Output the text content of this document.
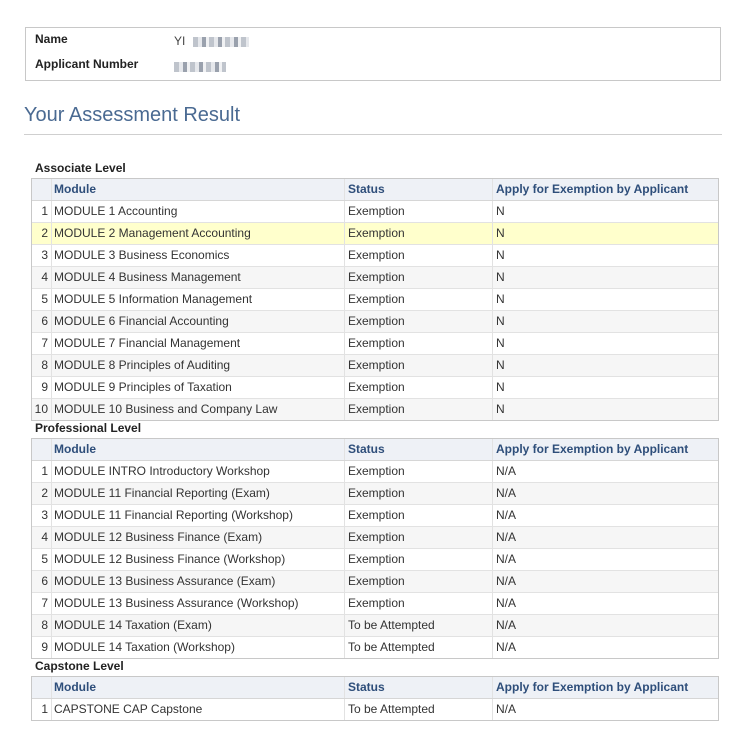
Name	YI
Applicant Number
Your Assessment Result
Associate Level
Module	Status	Apply for Exemption by Applicant
1 MODULE 1 Accounting	Exemption	N
2 MODULE 2 Management Accounting	Exemption	N
3 MODULE 3 Business Economics	Exemption	N
4 MODULE 4 Business Management	Exemption	N
5 MODULE 5 Information Management	Exemption	N
6 MODULE 6 Financial Accounting	Exemption	N
7 MODULE 7 Financial Management	Exemption	N
8 MODULE 8 Principles of Auditing	Exemption	N
9 MODULE 9 Principles of Taxation	Exemption	N
10 MODULE 10 Business and Company Law	Exemption	N
Professional Level
Module	Status	Apply for Exemption by Applicant
1 MODULE INTRO Introductory Workshop	Exemption	N/A
2 MODULE 11 Financial Reporting (Exam)	Exemption	N/A
3 MODULE 11 Financial Reporting (Workshop)	Exemption	N/A
4 MODULE 12 Business Finance (Exam)	Exemption	N/A
5 MODULE 12 Business Finance (Workshop)	Exemption	N/A
6 MODULE 13 Business Assurance (Exam)	Exemption	N/A
7 MODULE 13 Business Assurance (Workshop)	Exemption	N/A
8 MODULE 14 Taxation (Exam)	To be Attempted	N/A
9 MODULE 14 Taxation (Workshop)	To be Attempted	N/A
Capstone Level
Module	Status	Apply for Exemption by Applicant
1 CAPSTONE CAP Capstone	To be Attempted	N/A
